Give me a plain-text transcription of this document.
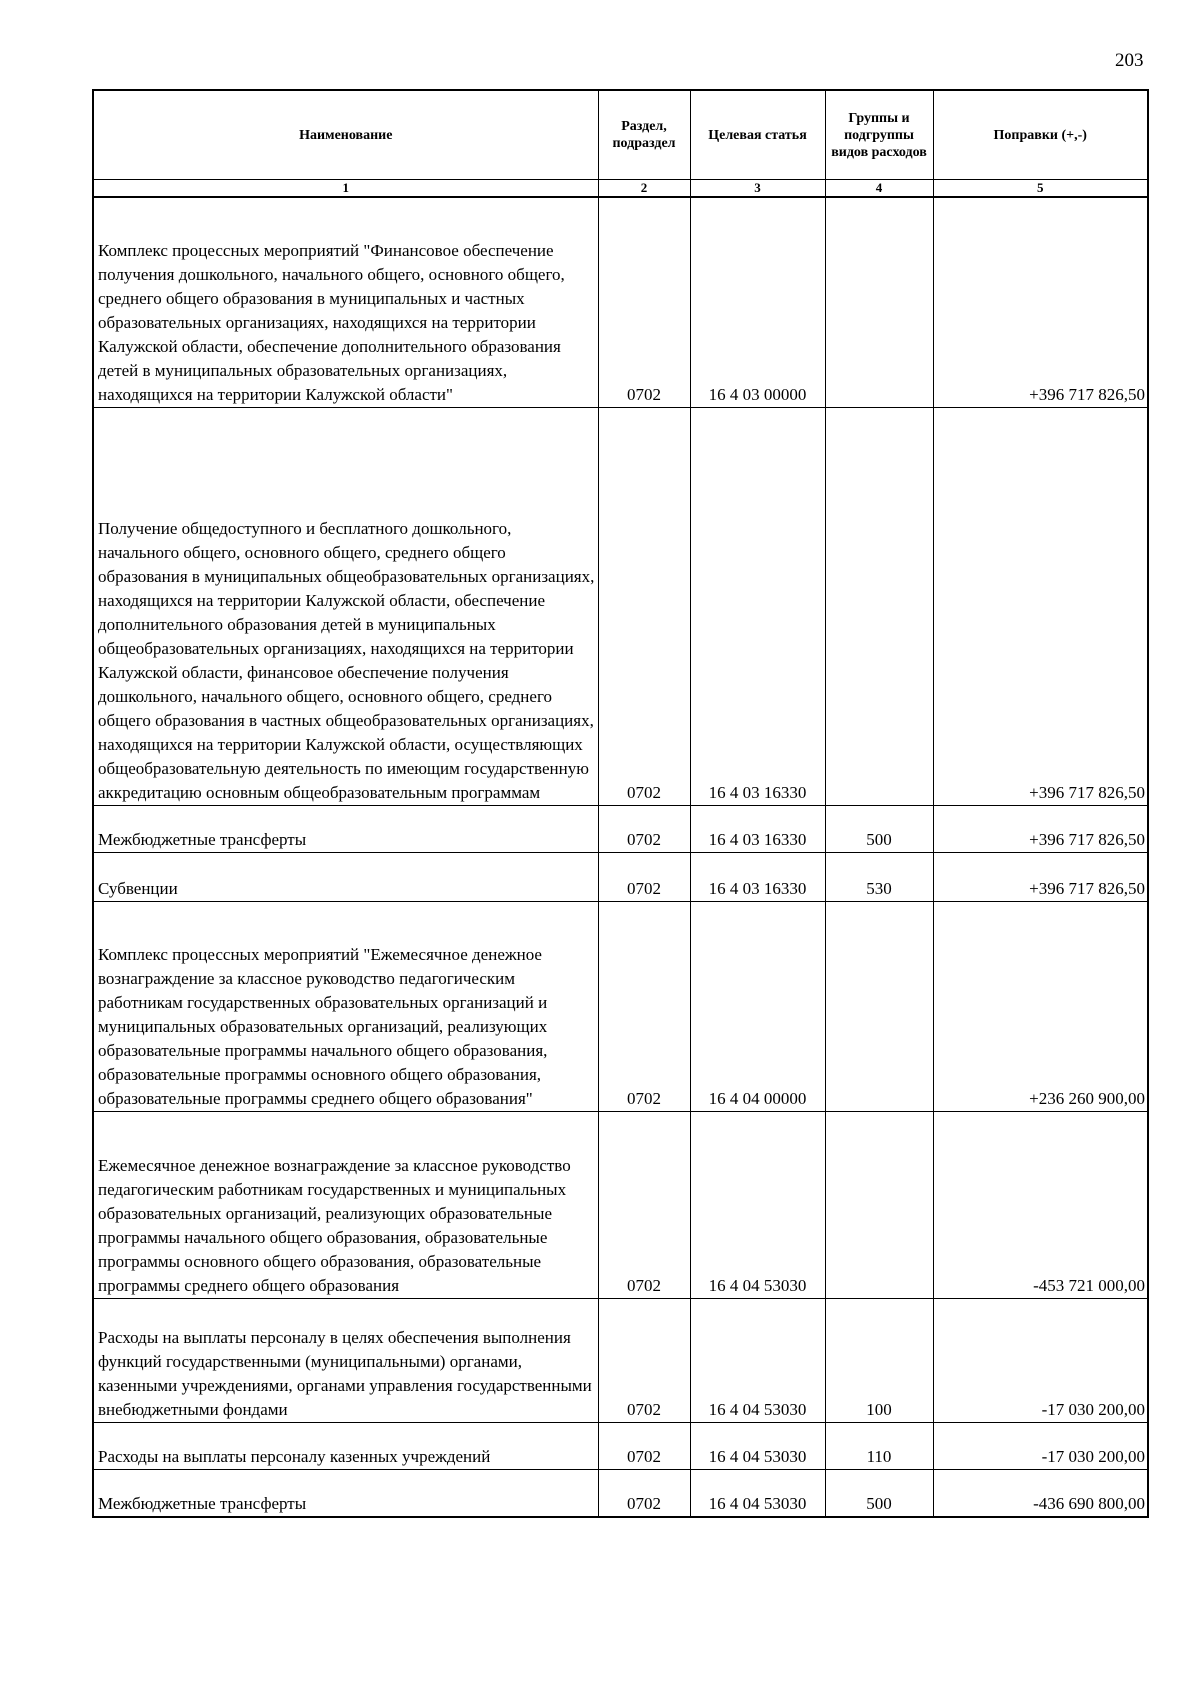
203
Наименование	Раздел, подраздел	Целевая статья	Группы и подгруппы видов расходов	Поправки (+,-)
1	2	3	4	5
Комплекс процессных мероприятий "Финансовое обеспечение получения дошкольного, начального общего, основного общего, среднего общего образования в муниципальных и частных образовательных организациях, находящихся на территории Калужской области, обеспечение дополнительного образования детей в муниципальных образовательных организациях, находящихся на территории Калужской области"	0702	16 4 03 00000		+396 717 826,50
Получение общедоступного и бесплатного дошкольного, начального общего, основного общего, среднего общего образования в муниципальных общеобразовательных организациях, находящихся на территории Калужской области, обеспечение дополнительного образования детей в муниципальных общеобразовательных организациях, находящихся на территории Калужской области, финансовое обеспечение получения дошкольного, начального общего, основного общего, среднего общего образования в частных общеобразовательных организациях, находящихся на территории Калужской области, осуществляющих общеобразовательную деятельность по имеющим государственную аккредитацию основным общеобразовательным программам	0702	16 4 03 16330		+396 717 826,50
Межбюджетные трансферты	0702	16 4 03 16330	500	+396 717 826,50
Субвенции	0702	16 4 03 16330	530	+396 717 826,50
Комплекс процессных мероприятий "Ежемесячное денежное вознаграждение за классное руководство педагогическим работникам государственных образовательных организаций и муниципальных образовательных организаций, реализующих образовательные программы начального общего образования, образовательные программы основного общего образования, образовательные программы среднего общего образования"	0702	16 4 04 00000		+236 260 900,00
Ежемесячное денежное вознаграждение за классное руководство педагогическим работникам государственных и муниципальных образовательных организаций, реализующих образовательные программы начального общего образования, образовательные программы основного общего образования, образовательные программы среднего общего образования	0702	16 4 04 53030		-453 721 000,00
Расходы на выплаты персоналу в целях обеспечения выполнения функций государственными (муниципальными) органами, казенными учреждениями, органами управления государственными внебюджетными фондами	0702	16 4 04 53030	100	-17 030 200,00
Расходы на выплаты персоналу казенных учреждений	0702	16 4 04 53030	110	-17 030 200,00
Межбюджетные трансферты	0702	16 4 04 53030	500	-436 690 800,00
